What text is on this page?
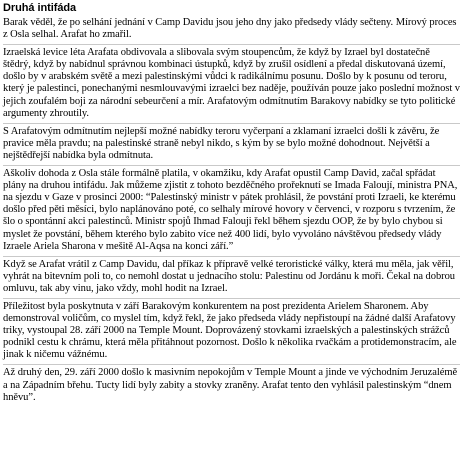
Druhá intifáda

Barak věděl, že po selhání jednání v Camp Davidu jsou jeho dny jako předsedy vlády sečteny. Mírový proces z Osla selhal. Arafat ho zmařil.

Izraelská levice léta Arafata obdivovala a slibovala svým stoupencům, že když by Izrael byl dostatečně štědrý, když by nabídnul správnou kombinaci ústupků, když by zrušil osídlení a předal diskutovaná území, došlo by v arabském světě a mezi palestinskými vůdci k radikálnímu posunu. Došlo by k posunu od teroru, který je palestinci, ponechanými nesmlouvavými izraelci bez naděje, používán pouze jako poslední možnost v jejich zoufalém boji za národní sebeurčení a mír. Arafatovým odmítnutím Barakovy nabídky se tyto politické argumenty zhroutily.

S Arafatovým odmítnutím nejlepší možné nabídky teroru vyčerpaní a zklamaní izraelci došli k závěru, že pravice měla pravdu; na palestinské straně nebyl nikdo, s kým by se bylo možné dohodnout. Největší a nejštědřejší nabídka byla odmítnuta.

Aškoliv dohoda z Osla stále formálně platila, v okamžiku, kdy Arafat opustil Camp David, začal spřádat plány na druhou intifádu. Jak můžeme zjistit z tohoto bezděčného prořeknutí se Imada Faloují, ministra PNA, na sjezdu v Gaze v prosinci 2000: “Palestinský ministr v pátek prohlásil, že povstání proti Izraeli, ke kterému došlo před pěti měsíci, bylo naplánováno poté, co selhaly mírové hovory v červenci, v rozporu s tvrzením, že šlo o spontánní akci palestinců. Ministr spojů Ihmad Falouji řekl během sjezdu OOP, že by bylo chybou si myslet že povstání, během kterého bylo zabito více než 400 lidí, bylo vyvoláno návštěvou předsedy vlády Izraele Ariela Sharona v mešitě Al-Aqsa na konci září.”

Když se Arafat vrátil z Camp Davidu, dal příkaz k přípravě velké teroristické války, která mu měla, jak věřil, vyhrát na bitevním poli to, co nemohl dostat u jednacího stolu: Palestinu od Jordánu k moři. Čekal na dobrou omluvu, tak aby vinu, jako vždy, mohl hodit na Izrael.

Příležitost byla poskytnuta v září Barakovým konkurentem na post prezidenta Arielem Sharonem. Aby demonstroval voličům, co myslel tím, když řekl, že jako předseda vlády nepřistoupí na žádné další Arafatovy triky, vystoupal 28. září 2000 na Temple Mount. Doprovázený stovkami izraelských a palestinských strážců podnikl cestu k chrámu, která měla přitáhnout pozornost. Došlo k několika rvačkám a protidemonstracím, ale jinak k ničemu vážnému.

Až druhý den, 29. září 2000 došlo k masivním nepokojům v Temple Mount a jinde ve východním Jeruzalémě a na Západním břehu. Tucty lidí byly zabity a stovky zraněny. Arafat tento den vyhlásil palestinským “dnem hněvu”.
